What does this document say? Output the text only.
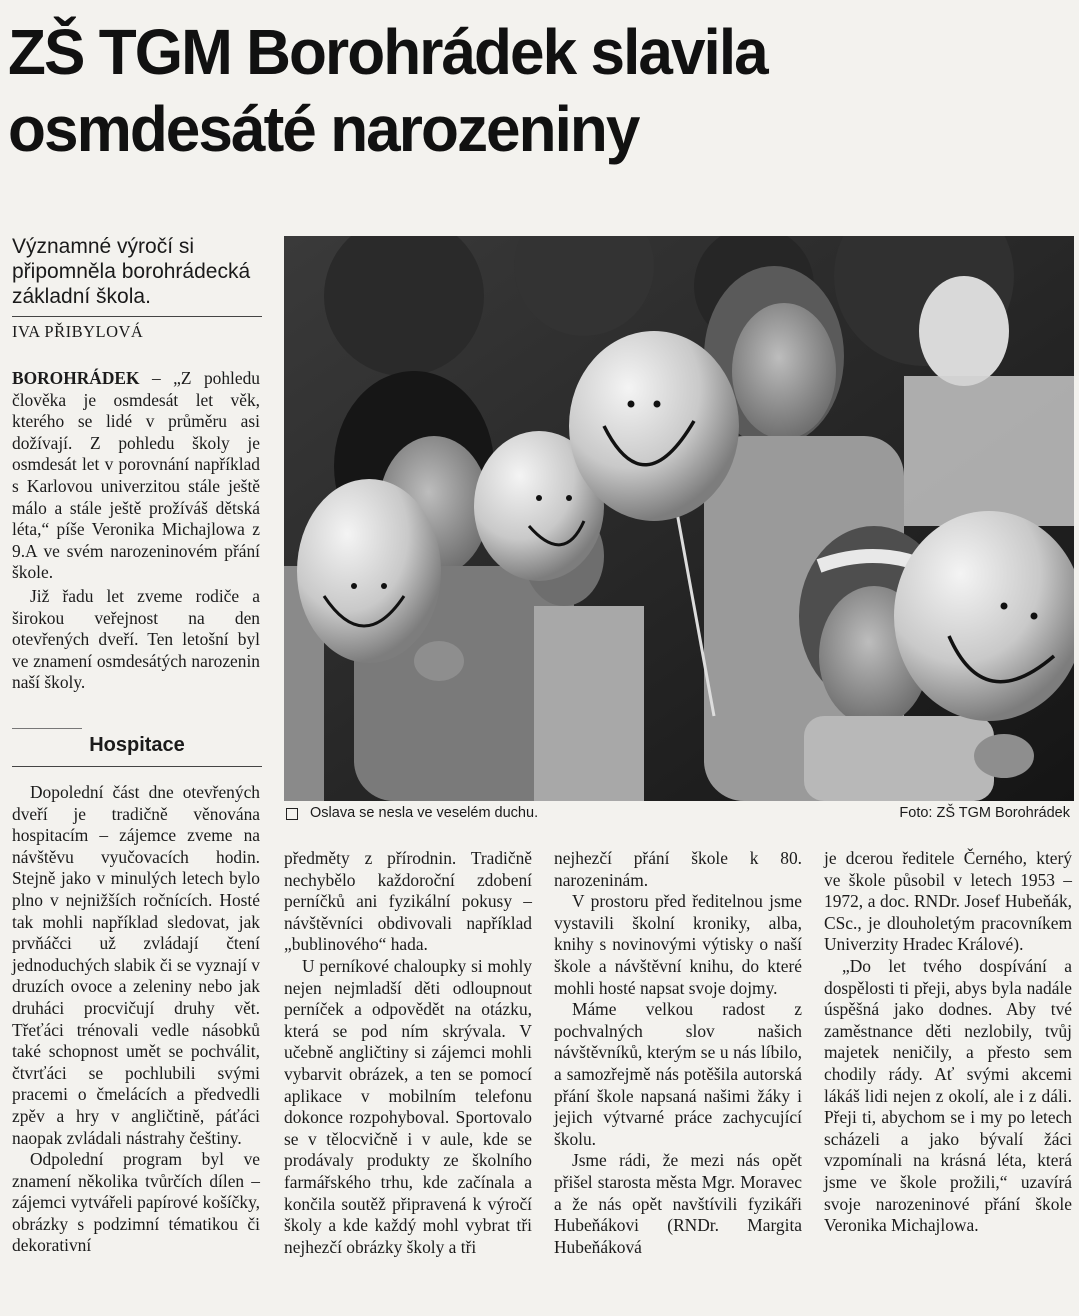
ZŠ TGM Borohrádek slavila
osmdesáté narozeniny
Významné výročí si připomněla borohrádecká základní škola.
IVA PŘIBYLOVÁ

BOROHRÁDEK – „Z pohledu člověka je osmdesát let věk, kterého se lidé v průměru asi dožívají. Z pohledu školy je osmdesát let v porovnání například s Karlovou univerzitou stále ještě málo a stále ještě prožíváš dětská léta,“ píše Veronika Michajlowa z 9.A ve svém narozeninovém přání škole.

Již řadu let zveme rodiče a širokou veřejnost na den otevřených dveří. Ten letošní byl ve znamení osmdesátých narozenin naší školy.

Hospitace

Dopolední část dne otevřených dveří je tradičně věnována hospitacím – zájemce zveme na návštěvu vyučovacích hodin. Stejně jako v minulých letech bylo plno v nejnižších ročnících. Hosté tak mohli například sledovat, jak prvňáčci už zvládají čtení jednoduchých slabik či se vyznají v druzích ovoce a zeleniny nebo jak druháci procvičují druhy vět. Třeťáci trénovali vedle násobků také schopnost umět se pochválit, čtvrťáci se pochlubili svými pracemi o čmelácích a předvedli zpěv a hry v angličtině, páťáci naopak zvládali nástrahy češtiny.

Odpolední program byl ve znamení několika tvůrčích dílen – zájemci vytvářeli papírové košíčky, obrázky s podzimní tématikou či dekorativní

Oslava se nesla ve veselém duchu.	Foto: ZŠ TGM Borohrádek

předměty z přírodnin. Tradičně nechybělo každoroční zdobení perníčků ani fyzikální pokusy – návštěvníci obdivovali například „bublinového“ hada.

U perníkové chaloupky si mohly nejen nejmladší děti odloupnout perníček a odpovědět na otázku, která se pod ním skrývala. V učebně angličtiny si zájemci mohli vybarvit obrázek, a ten se pomocí aplikace v mobilním telefonu dokonce rozpohyboval. Sportovalo se v tělocvičně i v aule, kde se prodávaly produkty ze školního farmářského trhu, kde začínala a končila soutěž připravená k výročí školy a kde každý mohl vybrat tři nejhezčí obrázky školy a tři

nejhezčí přání škole k 80. narozeninám.

V prostoru před ředitelnou jsme vystavili školní kroniky, alba, knihy s novinovými výtisky o naší škole a návštěvní knihu, do které mohli hosté napsat svoje dojmy.

Máme velkou radost z pochvalných slov našich návštěvníků, kterým se u nás líbilo, a samozřejmě nás potěšila autorská přání škole napsaná našimi žáky i jejich výtvarné práce zachycující školu.

Jsme rádi, že mezi nás opět přišel starosta města Mgr. Moravec a že nás opět navštívili fyzikáři Hubeňákovi (RNDr. Margita Hubeňáková

je dcerou ředitele Černého, který ve škole působil v letech 1953 – 1972, a doc. RNDr. Josef Hubeňák, CSc., je dlouholetým pracovníkem Univerzity Hradec Králové).

„Do let tvého dospívání a dospělosti ti přeji, abys byla nadále úspěšná jako dodnes. Aby tvé zaměstnance děti nezlobily, tvůj majetek neničily, a přesto sem chodily rády. Ať svými akcemi lákáš lidi nejen z okolí, ale i z dáli. Přeji ti, abychom se i my po letech scházeli a jako bývalí žáci vzpomínali na krásná léta, která jsme ve škole prožili,“ uzavírá svoje narozeninové přání škole Veronika Michajlowa.
